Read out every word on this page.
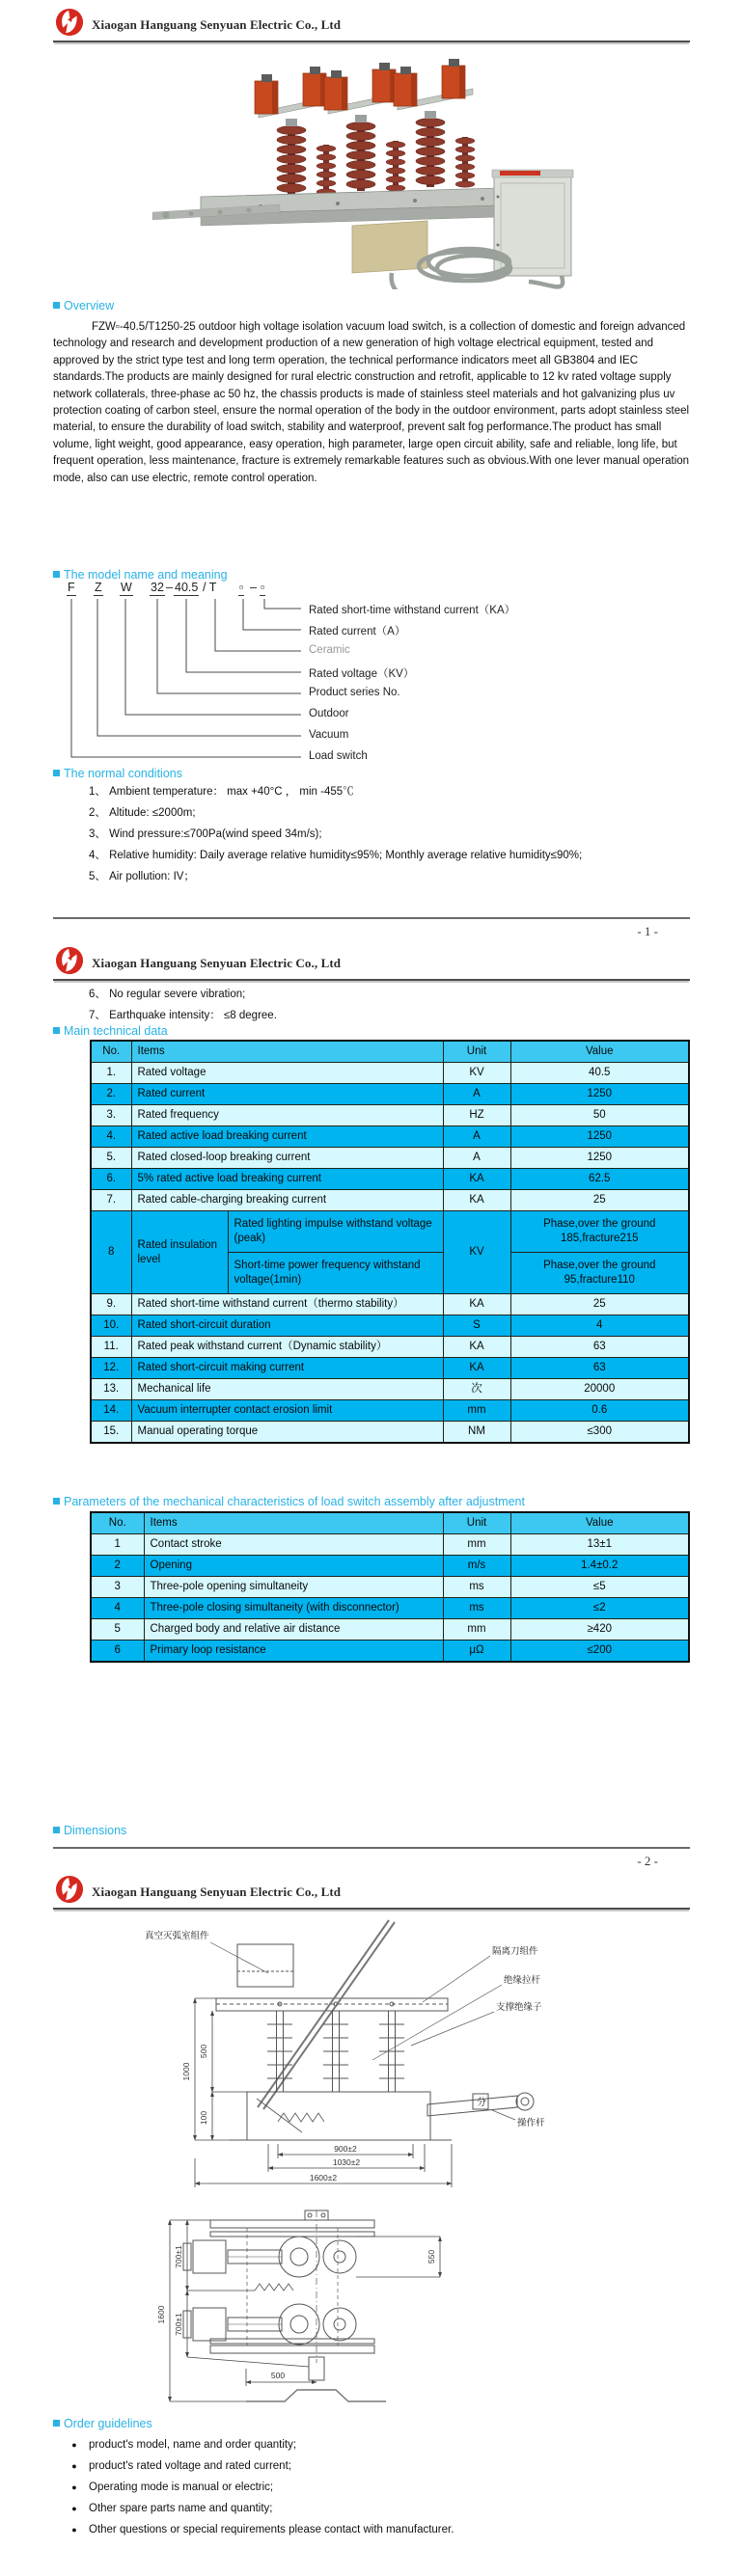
Xiaogan Hanguang Senyuan Electric Co., Ltd
Overview
FZW▫-40.5/T1250-25 outdoor high voltage isolation vacuum load switch, is a collection of domestic and foreign advanced technology and research and development production of a new generation of high voltage electrical equipment, tested and approved by the strict type test and long term operation, the technical performance indicators meet all GB3804 and IEC standards.The products are mainly designed for rural electric construction and retrofit, applicable to 12 kv rated voltage supply network collaterals, three-phase ac 50 hz, the chassis products is made of stainless steel materials and hot galvanizing plus uv protection coating of carbon steel, ensure the normal operation of the body in the outdoor environment, parts adopt stainless steel material, to ensure the durability of load switch, stability and waterproof, prevent salt fog performance.The product has small volume, light weight, good appearance, easy operation, high parameter, large open circuit ability, safe and reliable, long life, but frequent operation, less maintenance, fracture is extremely remarkable features such as obvious.With one lever manual operation mode, also can use electric, remote control operation.
The model name and meaning
F Z W 32 – 40.5 / T ▫ – ▫
Rated short-time withstand current（KA）
Rated current（A）
Ceramic
Rated voltage（KV）
Product series No.
Outdoor
Vacuum
Load switch
The normal conditions
1、 Ambient temperature： max +40°C ， min -455℃
2、 Altitude: ≤2000m;
3、 Wind pressure:≤700Pa(wind speed 34m/s);
4、 Relative humidity: Daily average relative humidity≤95%; Monthly average relative humidity≤90%;
5、 Air pollution: IV；
- 1 -
Xiaogan Hanguang Senyuan Electric Co., Ltd
6、 No regular severe vibration;
7、 Earthquake intensity： ≤8 degree.
Main technical data
No.	Items		Unit	Value
1.	Rated voltage		KV	40.5
2.	Rated current		A	1250
3.	Rated frequency		HZ	50
4.	Rated active load breaking current		A	1250
5.	Rated closed-loop breaking current		A	1250
6.	5% rated active load breaking current		KA	62.5
7.	Rated cable-charging breaking current		KA	25
8	Rated insulation level	Rated lighting impulse withstand voltage (peak)	KV	Phase,over the ground 185,fracture215
		Short-time power frequency withstand voltage(1min)		Phase,over the ground 95,fracture110
9.	Rated short-time withstand current（thermo stability）		KA	25
10.	Rated short-circuit duration		S	4
11.	Rated peak withstand current（Dynamic stability）		KA	63
12.	Rated short-circuit making current		KA	63
13.	Mechanical life		次	20000
14.	Vacuum interrupter contact erosion limit		mm	0.6
15.	Manual operating torque		NM	≤300
Parameters of the mechanical characteristics of load switch assembly after adjustment
No.	Items	Unit	Value
1	Contact stroke	mm	13±1
2	Opening	m/s	1.4±0.2
3	Three-pole opening simultaneity	ms	≤5
4	Three-pole closing simultaneity (with disconnector)	ms	≤2
5	Charged body and relative air distance	mm	≥420
6	Primary loop resistance	μΩ	≤200
Dimensions
- 2 -
Xiaogan Hanguang Senyuan Electric Co., Ltd
真空灭弧室组件
隔离刀组件
绝缘拉杆
支撑绝缘子
操作杆
分
1000
500
100
900±2
1030±2
1600±2
1600
700±1
700±1
550
500
Order guidelines
●	product's model, name and order quantity;
●	product's rated voltage and rated current;
●	Operating mode is manual or electric;
●	Other spare parts name and quantity;
●	Other questions or special requirements please contact with manufacturer.
